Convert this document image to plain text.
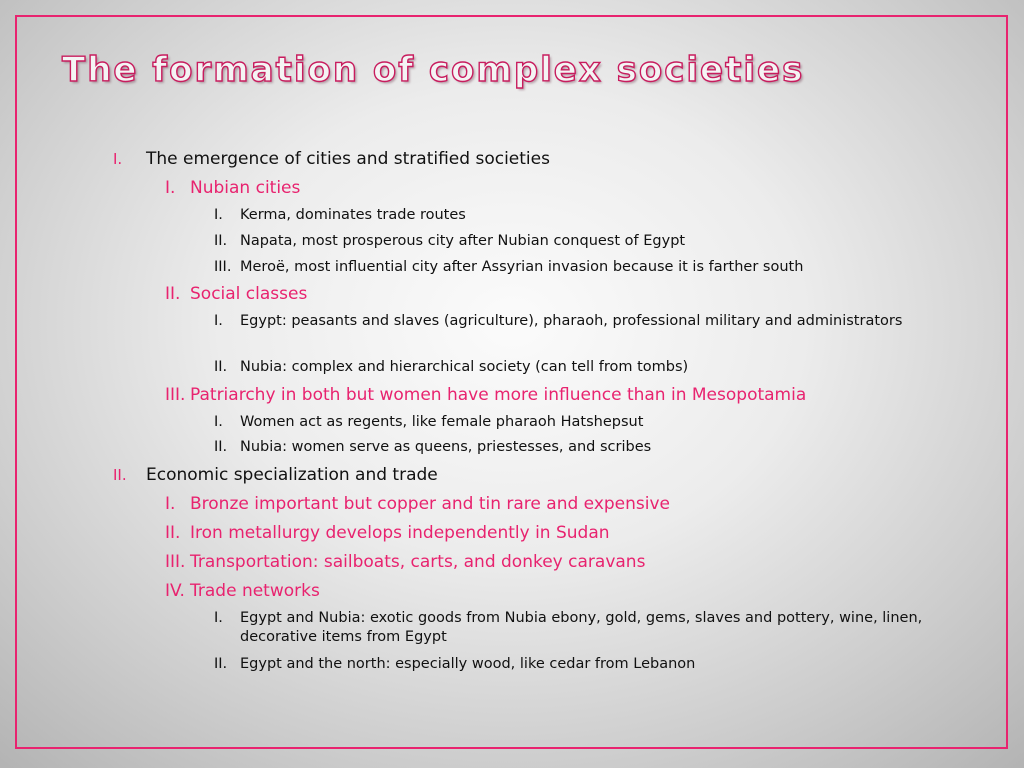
The formation of complex societies
I. The emergence of cities and stratified societies
I. Nubian cities
I. Kerma, dominates trade routes
II. Napata, most prosperous city after Nubian conquest of Egypt
III. Meroë, most influential city after Assyrian invasion because it is farther south
II. Social classes
I. Egypt: peasants and slaves (agriculture), pharaoh, professional military and administrators
II. Nubia: complex and hierarchical society (can tell from tombs)
III. Patriarchy in both but women have more influence than in Mesopotamia
I. Women act as regents, like female pharaoh Hatshepsut
II. Nubia: women serve as queens, priestesses, and scribes
II. Economic specialization and trade
I. Bronze important but copper and tin rare and expensive
II. Iron metallurgy develops independently in Sudan
III. Transportation: sailboats, carts, and donkey caravans
IV. Trade networks
I. Egypt and Nubia: exotic goods from Nubia ebony, gold, gems, slaves and pottery, wine, linen, decorative items from Egypt
II. Egypt and the north: especially wood, like cedar from Lebanon
